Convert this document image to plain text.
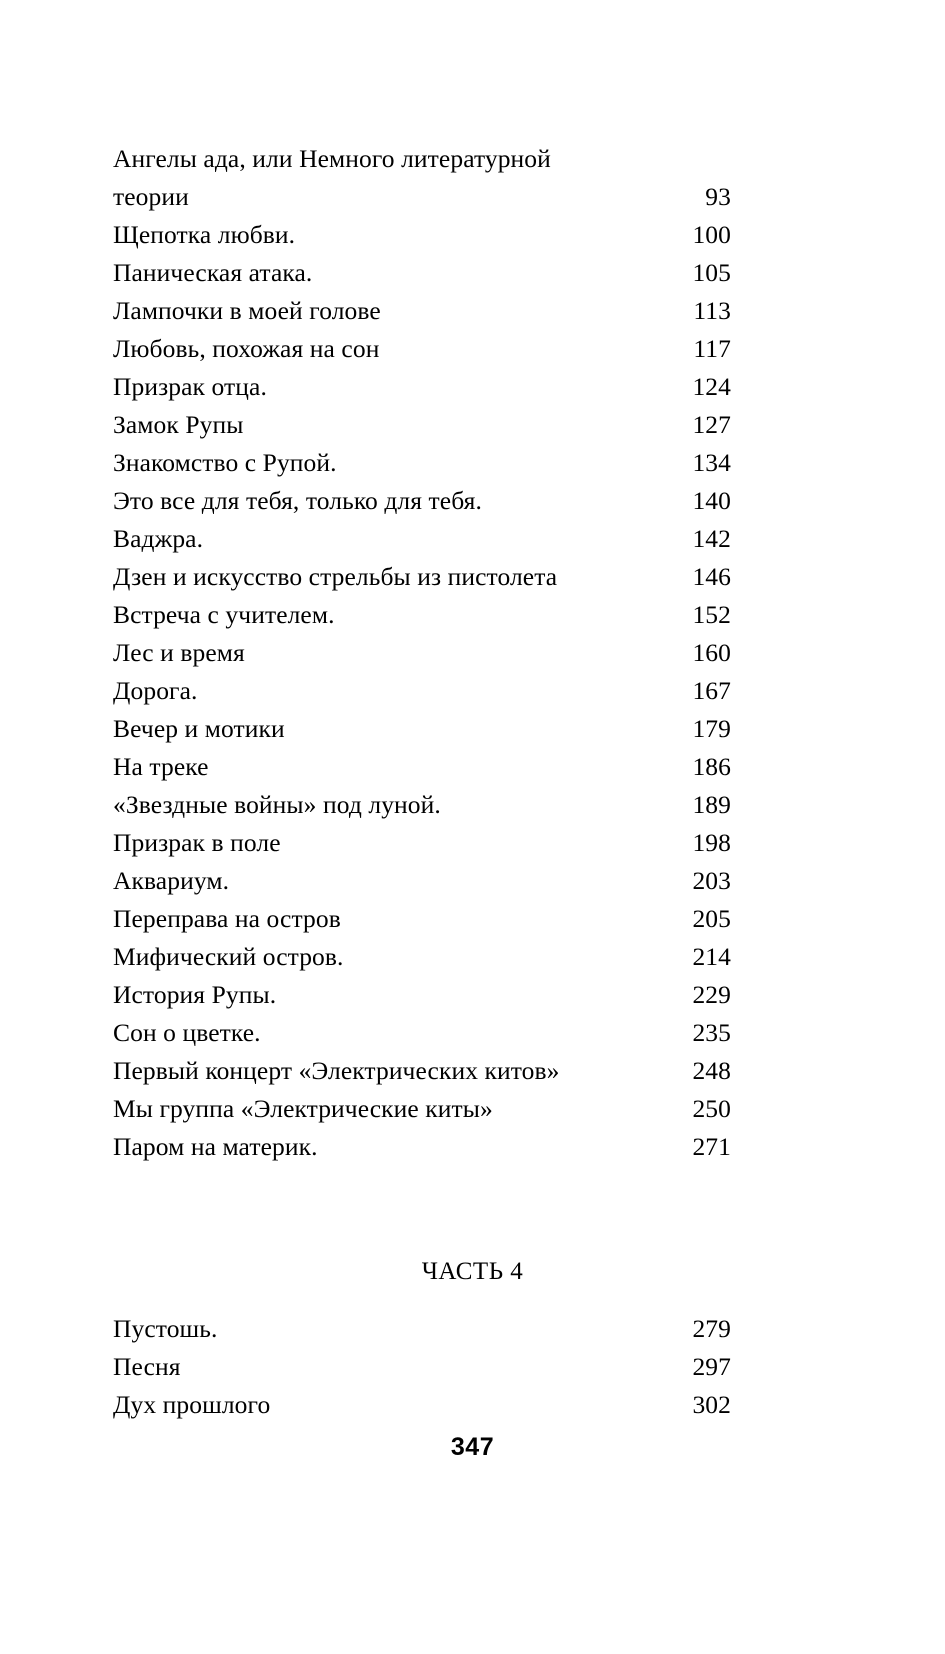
Ангелы ада, или Немного литературной
теории . . .	93
Щепотка любви. . . .	100
Паническая атака. . . .	105
Лампочки в моей голове . . .	113
Любовь, похожая на сон . . .	117
Призрак отца. . . .	124
Замок Рупы . . .	127
Знакомство с Рупой. . . .	134
Это все для тебя, только для тебя. . . .	140
Ваджра. . . .	142
Дзен и искусство стрельбы из пистолета . . .	146
Встреча с учителем. . . .	152
Лес и время . . .	160
Дорога. . . .	167
Вечер и мотики . . .	179
На треке . . .	186
«Звездные войны» под луной. . . .	189
Призрак в поле . . .	198
Аквариум. . . .	203
Переправа на остров . . .	205
Мифический остров. . . .	214
История Рупы. . . .	229
Сон о цветке. . . .	235
Первый концерт «Электрических китов» . . .	248
Мы группа «Электрические киты» . . .	250
Паром на материк. . . .	271
ЧАСТЬ 4
Пустошь. . . .	279
Песня . . .	297
Дух прошлого . . .	302
347
